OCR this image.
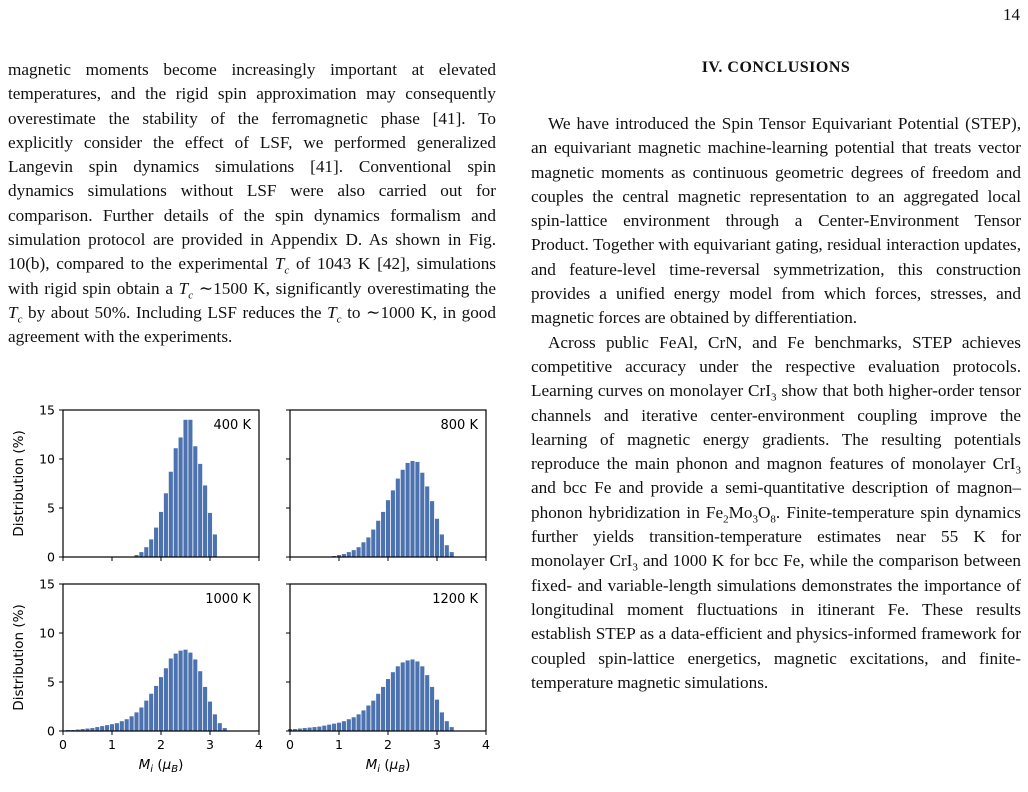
14

magnetic moments become increasingly important at elevated temperatures, and the rigid spin approximation may consequently overestimate the stability of the ferromagnetic phase [41]. To explicitly consider the effect of LSF, we performed generalized Langevin spin dynamics simulations [41]. Conventional spin dynamics simulations without LSF were also carried out for comparison. Further details of the spin dynamics formalism and simulation protocol are provided in Appendix D. As shown in Fig. 10(b), compared to the experimental $T_c$ of 1043 K [42], simulations with rigid spin obtain a $T_c$ ∼1500 K, significantly overestimating the $T_c$ by about 50%. Including LSF reduces the $T_c$ to ∼1000 K, in good agreement with the experiments.

IV. CONCLUSIONS

We have introduced the Spin Tensor Equivariant Potential (STEP), an equivariant magnetic machine-learning potential that treats vector magnetic moments as continuous geometric degrees of freedom and couples the central magnetic representation to an aggregated local spin-lattice environment through a Center-Environment Tensor Product. Together with equivariant gating, residual interaction updates, and feature-level time-reversal symmetrization, this construction provides a unified energy model from which forces, stresses, and magnetic forces are obtained by differentiation.

Across public FeAl, CrN, and Fe benchmarks, STEP achieves competitive accuracy under the respective evaluation protocols. Learning curves on monolayer CrI$_3$ show that both higher-order tensor channels and iterative center-environment coupling improve the learning of magnetic energy gradients. The resulting potentials reproduce the main phonon and magnon features of monolayer CrI$_3$ and bcc Fe and provide a semi-quantitative description of magnon–phonon hybridization in $Fe_2Mo_3O_8$. Finite-temperature spin dynamics further yields transition-temperature estimates near 55 K for monolayer CrI$_3$ and 1000 K for bcc Fe, while the comparison between fixed- and variable-length simulations demonstrates the importance of longitudinal moment fluctuations in itinerant Fe. These results establish STEP as a data-efficient and physics-informed framework for coupled spin-lattice energetics, magnetic excitations, and finite-temperature magnetic simulations.

0
5
10
15
400 K
Distribution (%)
800 K
0	1	2	3	4
0
5
10
15
1000 K
Distribution (%)
$M_i$ $(\mu_B)$
0	1	2	3	4
1200 K
$M_i$ $(\mu_B)$
